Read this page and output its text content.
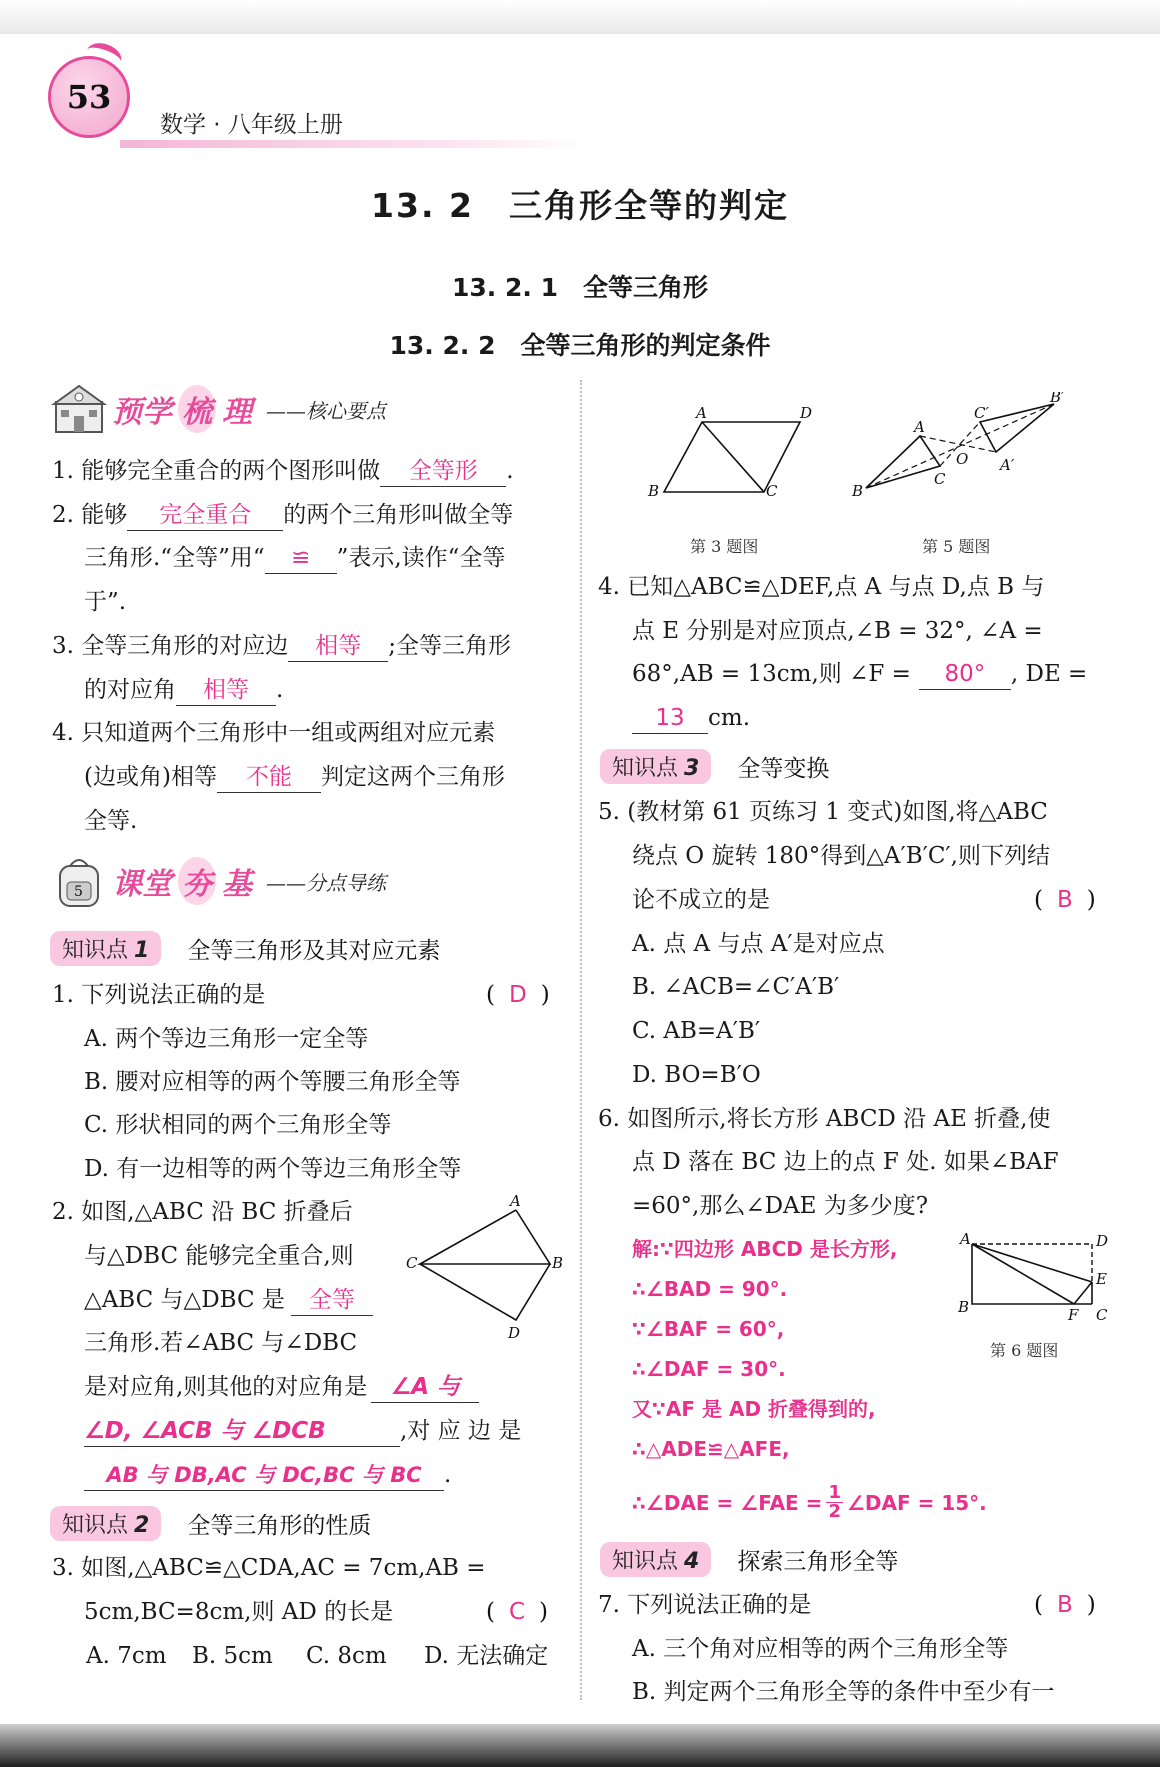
53
数学 · 八年级上册
13. 2　三角形全等的判定
13. 2. 1　全等三角形
13. 2. 2　全等三角形的判定条件
预学 梳 理 ——核心要点
1. 能够完全重合的两个图形叫做 全等形 .
2. 能够 完全重合 的两个三角形叫做全等
三角形.“全等”用“ ≌ ”表示,读作“全等
于”.
3. 全等三角形的对应边 相等 ;全等三角形
的对应角 相等 .
4. 只知道两个三角形中一组或两组对应元素
(边或角)相等 不能 判定这两个三角形
全等.
5 课堂 夯 基 ——分点导练
知识点 1	全等三角形及其对应元素
1. 下列说法正确的是	( D )
A. 两个等边三角形一定全等
B. 腰对应相等的两个等腰三角形全等
C. 形状相同的两个三角形全等
D. 有一边相等的两个等边三角形全等
2. 如图,△ABC 沿 BC 折叠后
与△DBC 能够完全重合,则
△ABC 与△DBC 是 全等
三角形.若∠ABC 与∠DBC
是对应角,则其他的对应角是 ∠A 与
∠D, ∠ACB 与 ∠DCB	,对 应 边 是
AB 与 DB,AC 与 DC,BC 与 BC .
A
C	B
D
知识点 2	全等三角形的性质
3. 如图,△ABC≌△CDA,AC = 7cm,AB =
5cm,BC=8cm,则 AD 的长是	( C )
A. 7cm B. 5cm C. 8cm D. 无法确定
A	D
B	C
第 3 题图
A
B
C
O A′
B′
C′
第 5 题图
4. 已知△ABC≌△DEF,点 A 与点 D,点 B 与
点 E 分别是对应顶点,∠B = 32°, ∠A =
68°,AB = 13cm,则 ∠F = 80° , DE =
13 cm.
知识点 3	全等变换
5. (教材第 61 页练习 1 变式)如图,将△ABC
绕点 O 旋转 180°得到△A′B′C′,则下列结
论不成立的是	( B )
A. 点 A 与点 A′是对应点
B. ∠ACB=∠C′A′B′
C. AB=A′B′
D. BO=B′O
6. 如图所示,将长方形 ABCD 沿 AE 折叠,使
点 D 落在 BC 边上的点 F 处. 如果∠BAF
=60°,那么∠DAE 为多少度?
解:∵四边形 ABCD 是长方形,
∴∠BAD = 90°.
∵∠BAF = 60°,
∴∠DAF = 30°.
又∵AF 是 AD 折叠得到的,
∴△ADE≌△AFE,
∴∠DAE = ∠FAE = $\frac{1}{2}$ ∠DAF = 15°.
A	D
E
B	F C
第 6 题图
知识点 4	探索三角形全等
7. 下列说法正确的是	( B )
A. 三个角对应相等的两个三角形全等
B. 判定两个三角形全等的条件中至少有一
